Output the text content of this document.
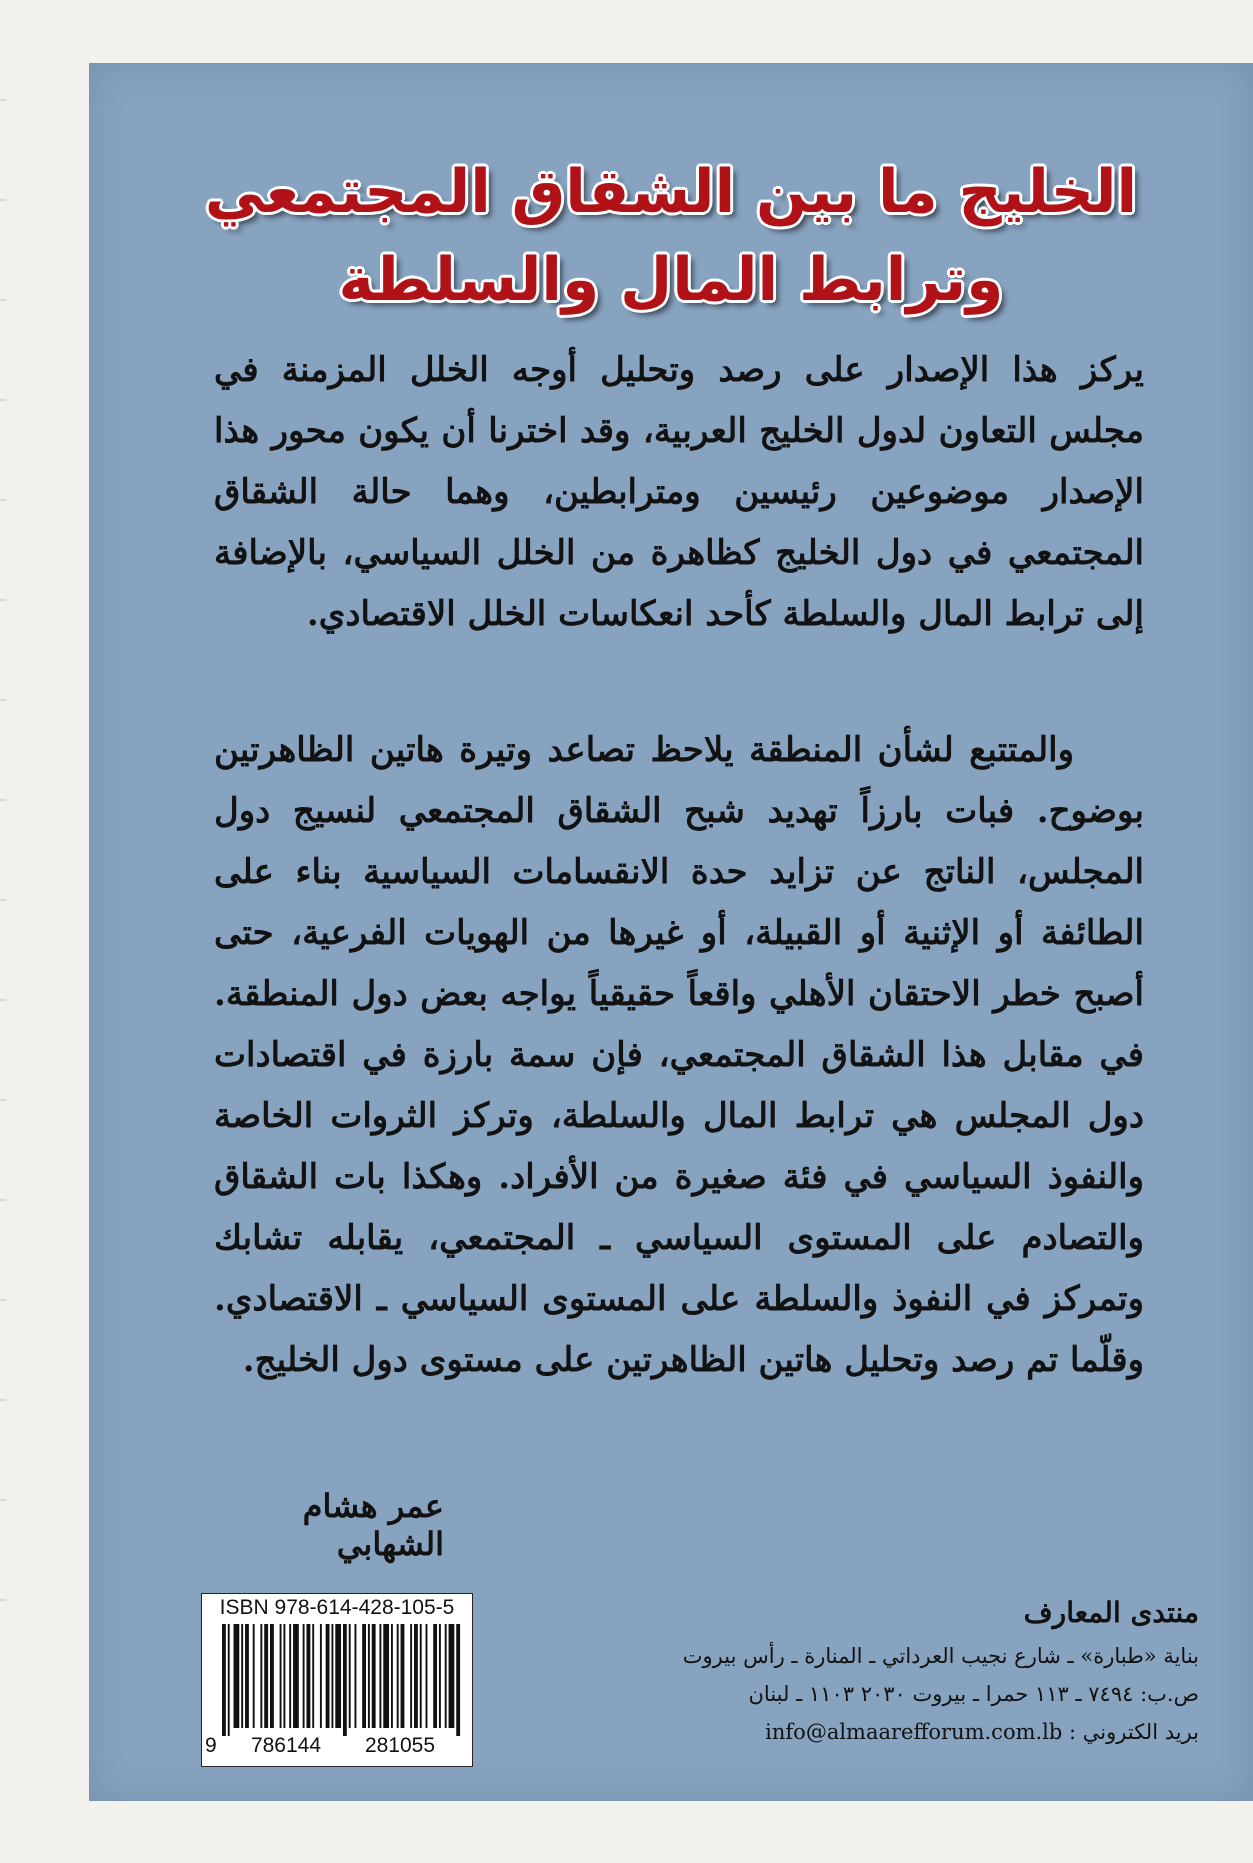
الخليج ما بين الشقاق المجتمعي
وترابط المال والسلطة

يركز هذا الإصدار على رصد وتحليل أوجه الخلل المزمنة في مجلس التعاون لدول الخليج العربية، وقد اخترنا أن يكون محور هذا الإصدار موضوعين رئيسين ومترابطين، وهما حالة الشقاق المجتمعي في دول الخليج كظاهرة من الخلل السياسي، بالإضافة إلى ترابط المال والسلطة كأحد انعكاسات الخلل الاقتصادي.

والمتتبع لشأن المنطقة يلاحظ تصاعد وتيرة هاتين الظاهرتين بوضوح. فبات بارزاً تهديد شبح الشقاق المجتمعي لنسيج دول المجلس، الناتج عن تزايد حدة الانقسامات السياسية بناء على الطائفة أو الإثنية أو القبيلة، أو غيرها من الهويات الفرعية، حتى أصبح خطر الاحتقان الأهلي واقعاً حقيقياً يواجه بعض دول المنطقة. في مقابل هذا الشقاق المجتمعي، فإن سمة بارزة في اقتصادات دول المجلس هي ترابط المال والسلطة، وتركز الثروات الخاصة والنفوذ السياسي في فئة صغيرة من الأفراد. وهكذا بات الشقاق والتصادم على المستوى السياسي ـ المجتمعي، يقابله تشابك وتمركز في النفوذ والسلطة على المستوى السياسي ـ الاقتصادي. وقلّما تم رصد وتحليل هاتين الظاهرتين على مستوى دول الخليج.

عمر هشام الشهابي
ISBN 978-614-428-105-5
9	786144	281055
منتدى المعارف
بناية «طبارة» ـ شارع نجيب العرداتي ـ المنارة ـ رأس بيروت
ص.ب: ٧٤٩٤ ـ ١١٣ حمرا ـ بيروت ٢٠٣٠ ١١٠٣ ـ لبنان
بريد الكتروني : info@almaarefforum.com.lb
